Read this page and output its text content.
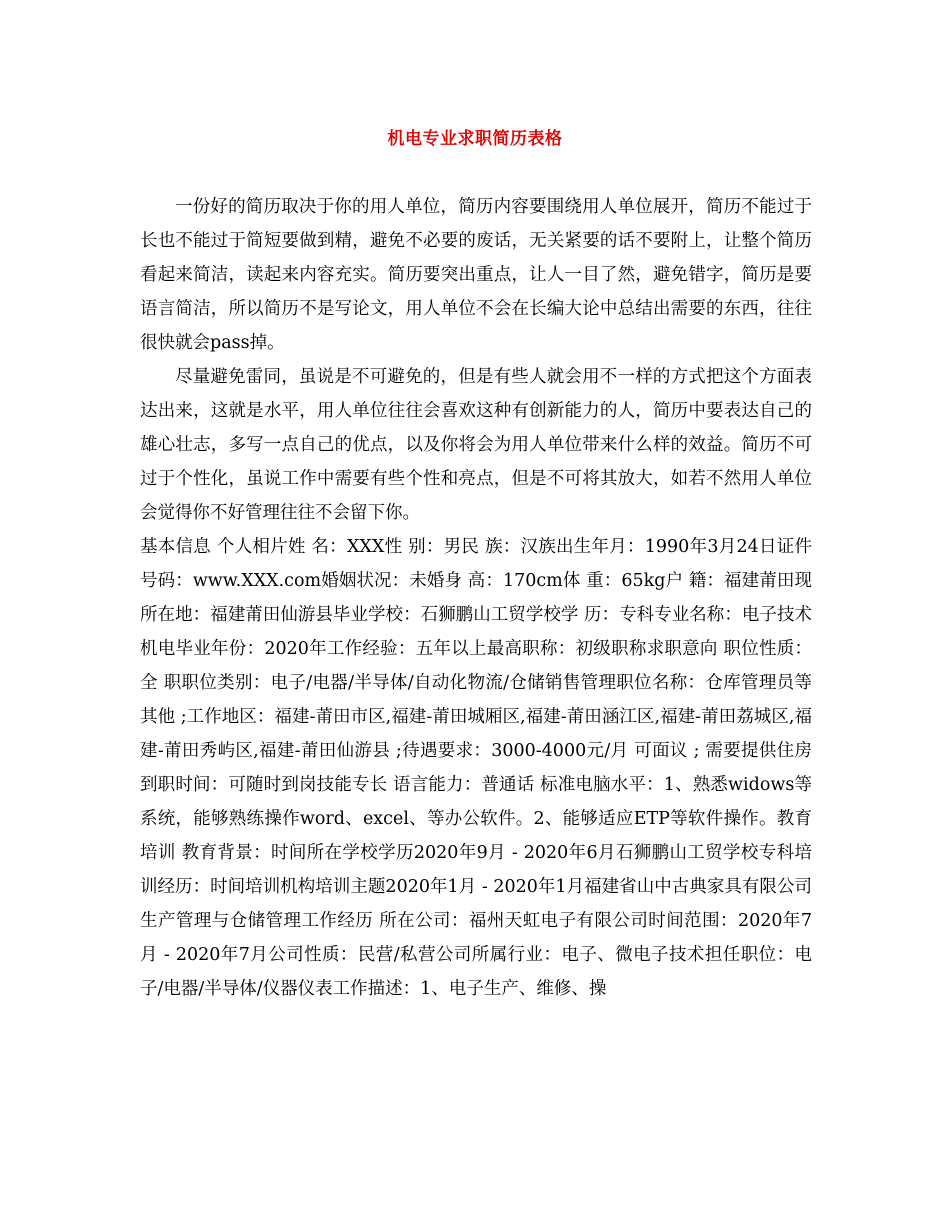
机电专业求职简历表格

一份好的简历取决于你的用人单位，简历内容要围绕用人单位展开，简历不能过于长也不能过于简短要做到精，避免不必要的废话，无关紧要的话不要附上，让整个简历看起来简洁，读起来内容充实。简历要突出重点，让人一目了然，避免错字，简历是要语言简洁，所以简历不是写论文，用人单位不会在长编大论中总结出需要的东西，往往很快就会pass掉。

尽量避免雷同，虽说是不可避免的，但是有些人就会用不一样的方式把这个方面表达出来，这就是水平，用人单位往往会喜欢这种有创新能力的人，简历中要表达自己的雄心壮志，多写一点自己的优点，以及你将会为用人单位带来什么样的效益。简历不可过于个性化，虽说工作中需要有些个性和亮点，但是不可将其放大，如若不然用人单位会觉得你不好管理往往不会留下你。

基本信息 个人相片姓 名：XXX性 别：男民 族：汉族出生年月：1990年3月24日证件号码：www.XXX.com婚姻状况：未婚身 高：170cm体 重：65kg户 籍：福建莆田现所在地：福建莆田仙游县毕业学校：石狮鹏山工贸学校学 历：专科专业名称：电子技术机电毕业年份：2020年工作经验：五年以上最高职称：初级职称求职意向 职位性质：全 职职位类别：电子/电器/半导体/自动化物流/仓储销售管理职位名称：仓库管理员等其他 ;工作地区：福建-莆田市区,福建-莆田城厢区,福建-莆田涵江区,福建-莆田荔城区,福建-莆田秀屿区,福建-莆田仙游县 ;待遇要求：3000-4000元/月 可面议 ; 需要提供住房到职时间：可随时到岗技能专长 语言能力：普通话 标准电脑水平：1、熟悉widows等系统，能够熟练操作word、excel、等办公软件。2、能够适应ETP等软件操作。教育培训 教育背景：时间所在学校学历2020年9月 - 2020年6月石狮鹏山工贸学校专科培训经历：时间培训机构培训主题2020年1月 - 2020年1月福建省山中古典家具有限公司生产管理与仓储管理工作经历 所在公司：福州天虹电子有限公司时间范围：2020年7月 - 2020年7月公司性质：民营/私营公司所属行业：电子、微电子技术担任职位：电子/电器/半导体/仪器仪表工作描述：1、电子生产、维修、操
